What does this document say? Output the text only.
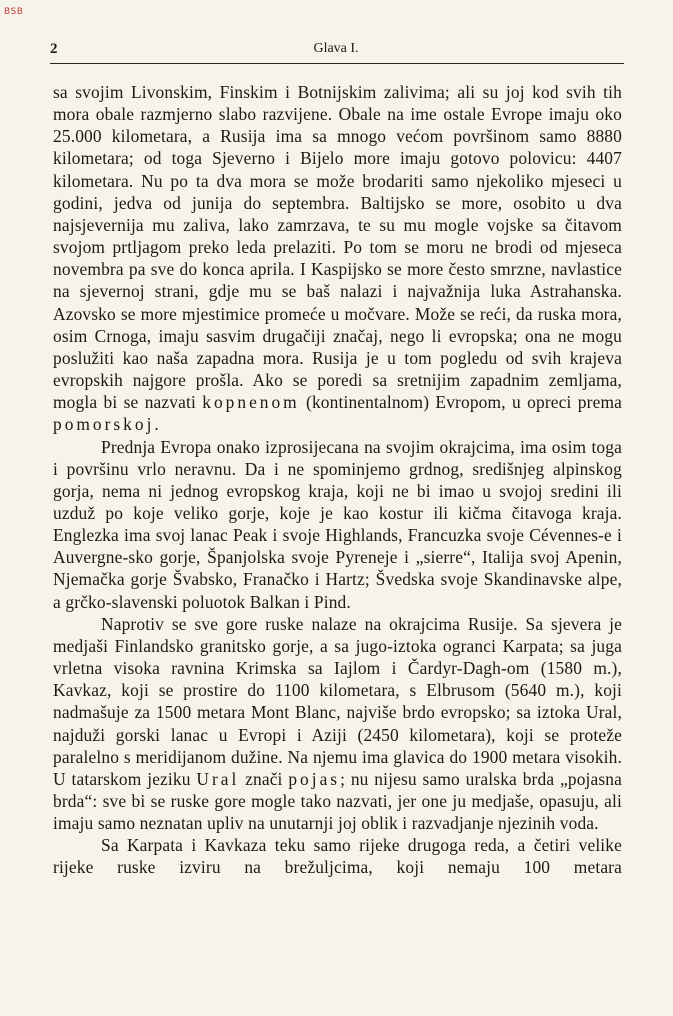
BSB
2	Glava I.

sa svojim Livonskim, Finskim i Botnijskim zalivima; ali su joj kod svih tih mora obale razmjerno slabo razvijene. Obale na ime ostale Evrope imaju oko 25.000 kilometara, a Rusija ima sa mnogo većom površinom samo 8880 kilometara; od toga Sjeverno i Bijelo more imaju gotovo polovicu: 4407 kilometara. Nu po ta dva mora se može brodariti samo njekoliko mjeseci u godini, jedva od junija do septembra. Baltijsko se more, osobito u dva najsjevernija mu zaliva, lako zamrzava, te su mu mogle vojske sa čitavom svojom prtljagom preko leda prelaziti. Po tom se moru ne brodi od mjeseca novembra pa sve do konca aprila. I Kaspijsko se more često smrzne, navlastice na sjevernoj strani, gdje mu se baš nalazi i najvažnija luka Astrahanska. Azovsko se more mjestimice promeće u močvare. Može se reći, da ruska mora, osim Crnoga, imaju sasvim drugačiji značaj, nego li evropska; ona ne mogu poslužiti kao naša zapadna mora. Rusija je u tom pogledu od svih krajeva evropskih najgore prošla. Ako se poredi sa sretnijim zapadnim zemljama, mogla bi se nazvati kopnenom (kontinentalnom) Evropom, u opreci prema pomorskoj.

Prednja Evropa onako izprosijecana na svojim okrajcima, ima osim toga i površinu vrlo neravnu. Da i ne spominjemo grdnog, središnjeg alpinskog gorja, nema ni jednog evropskog kraja, koji ne bi imao u svojoj sredini ili uzduž po koje veliko gorje, koje je kao kostur ili kičma čitavoga kraja. Englezka ima svoj lanac Peak i svoje Highlands, Francuzka svoje Cévennes-e i Auvergne-sko gorje, Španjolska svoje Pyreneje i „sierre“, Italija svoj Apenin, Njemačka gorje Švabsko, Franačko i Hartz; Švedska svoje Skandinavske alpe, a grčko-slavenski poluotok Balkan i Pind.

Naprotiv se sve gore ruske nalaze na okrajcima Rusije. Sa sjevera je medjaši Finlandsko granitsko gorje, a sa jugo-iztoka ogranci Karpata; sa juga vrletna visoka ravnina Krimska sa Iajlom i Čardyr-Dagh-om (1580 m.), Kavkaz, koji se prostire do 1100 kilometara, s Elbrusom (5640 m.), koji nadmašuje za 1500 metara Mont Blanc, najviše brdo evropsko; sa iztoka Ural, najduži gorski lanac u Evropi i Aziji (2450 kilometara), koji se proteže paralelno s meridijanom dužine. Na njemu ima glavica do 1900 metara visokih. U tatarskom jeziku Ural znači pojas; nu nijesu samo uralska brda „pojasna brda“: sve bi se ruske gore mogle tako nazvati, jer one ju medjaše, opasuju, ali imaju samo neznatan upliv na unutarnji joj oblik i razvadjanje njezinih voda.

Sa Karpata i Kavkaza teku samo rijeke drugoga reda, a četiri velike rijeke ruske izviru na brežuljcima, koji nemaju 100 metara
